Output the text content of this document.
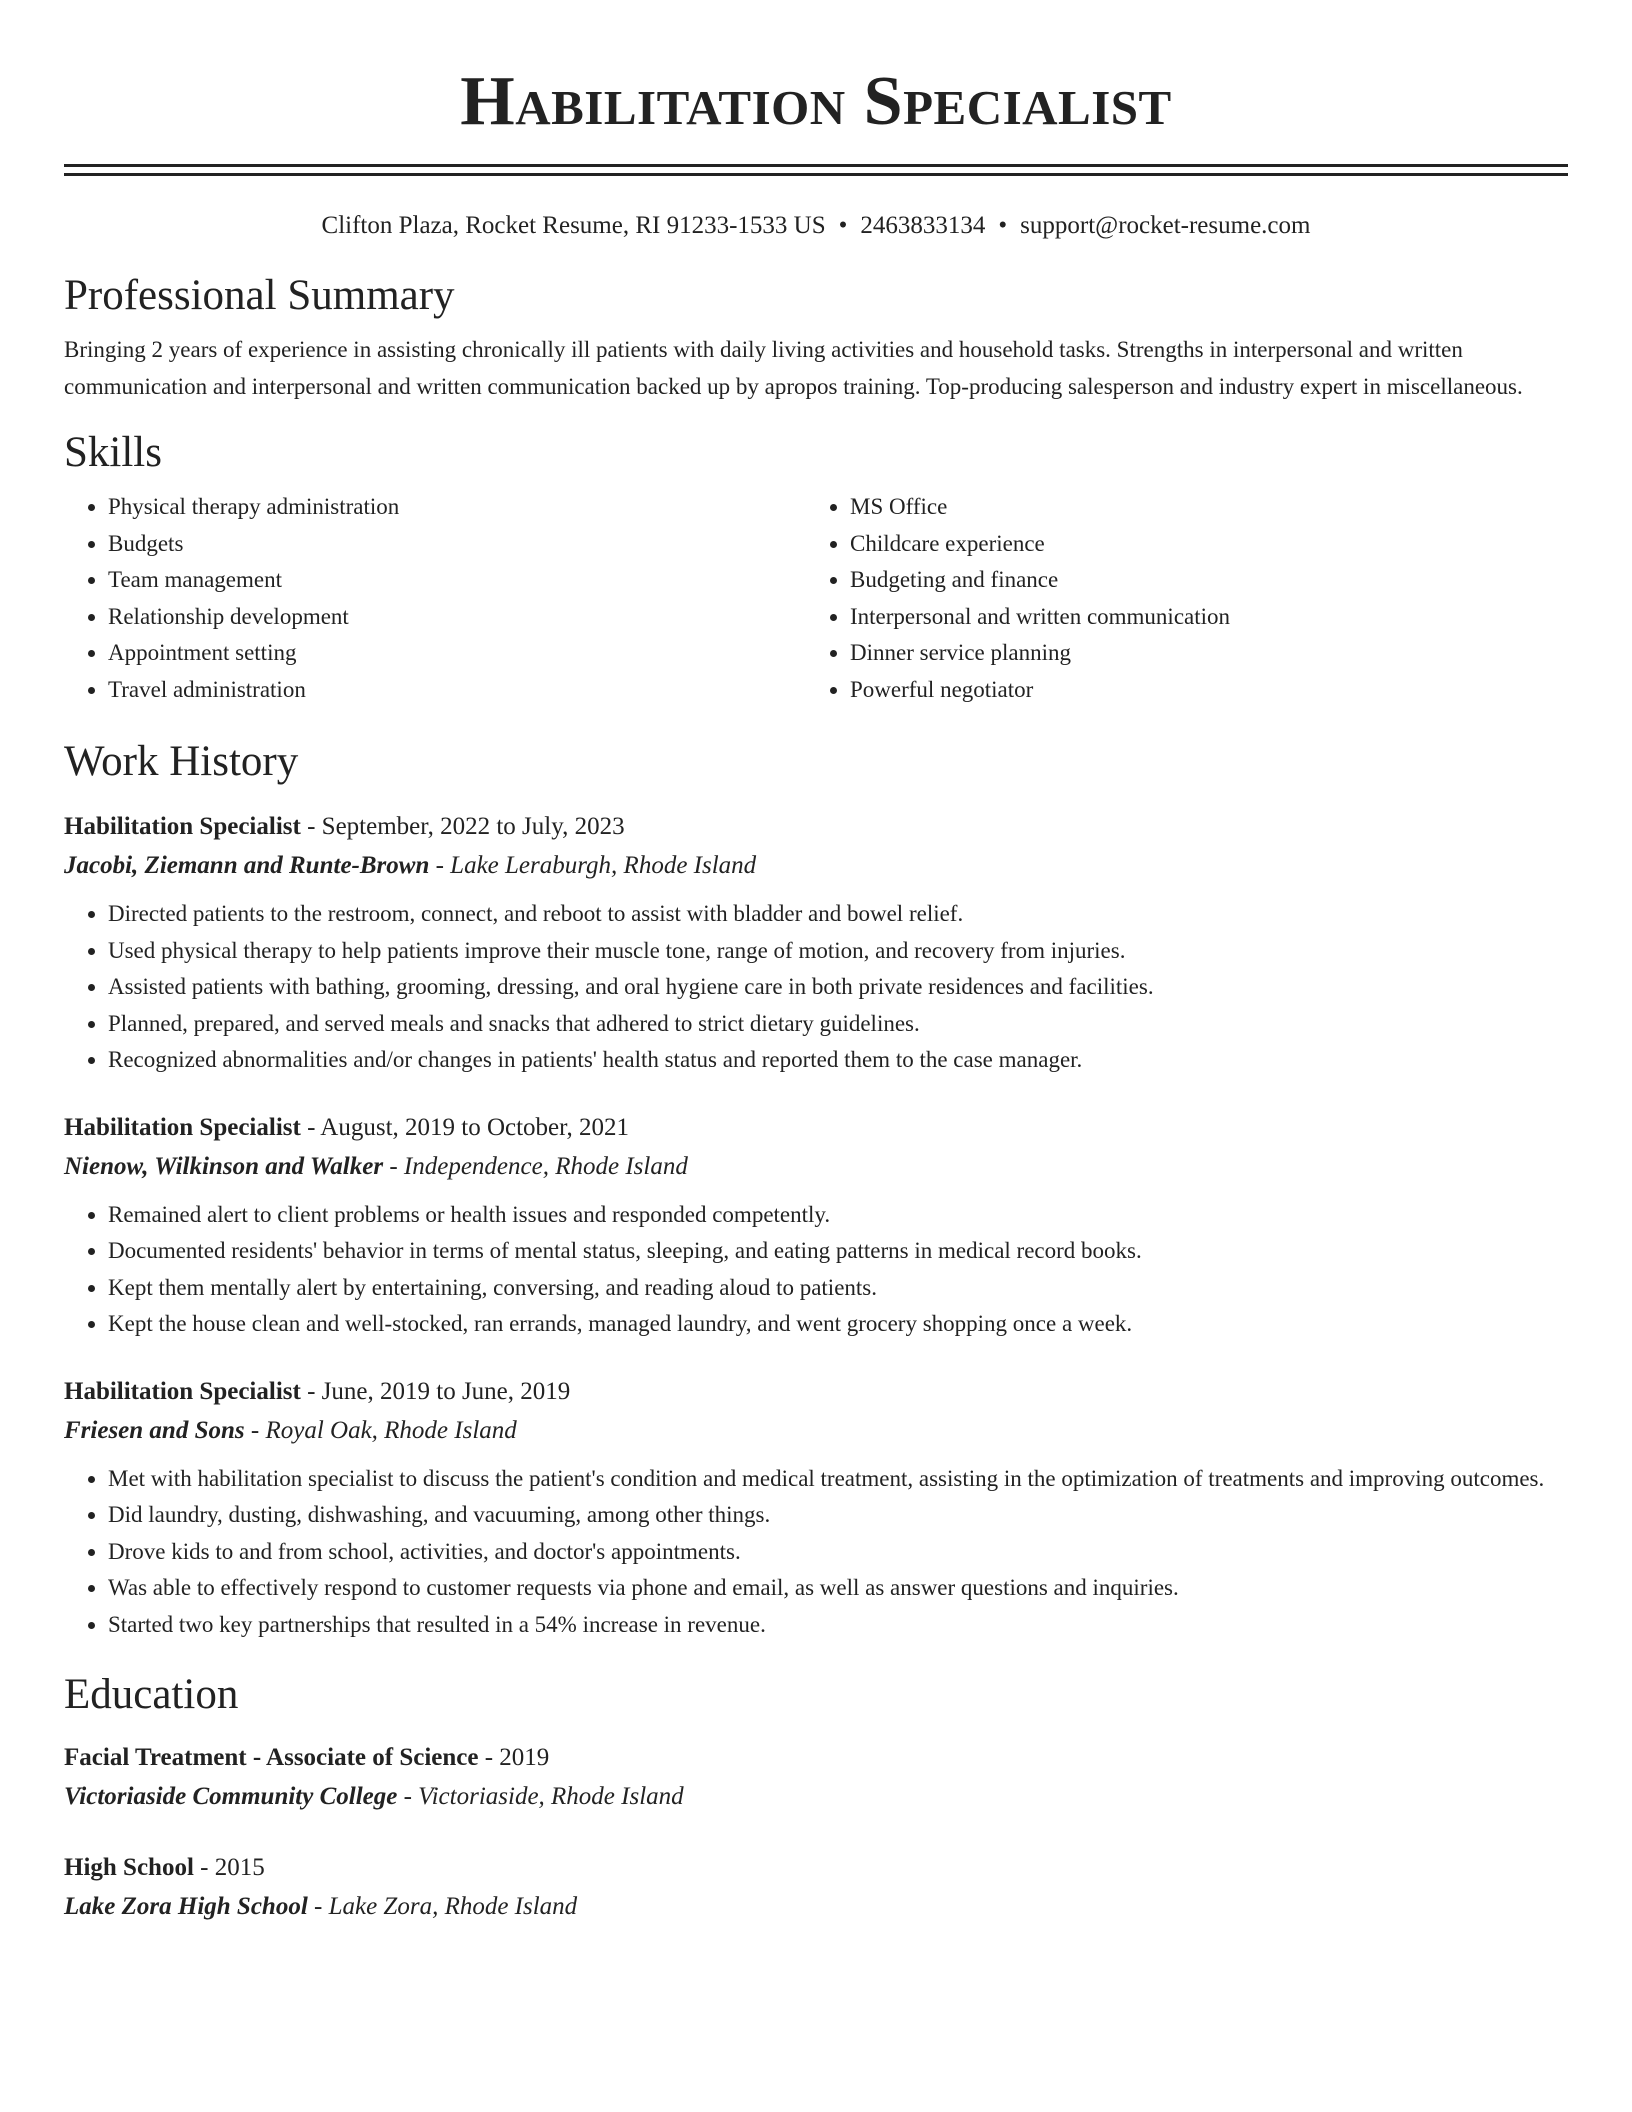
Habilitation Specialist
Clifton Plaza, Rocket Resume, RI 91233-1533 US • 2463833134 • support@rocket-resume.com
Professional Summary

Bringing 2 years of experience in assisting chronically ill patients with daily living activities and household tasks. Strengths in interpersonal and written communication and interpersonal and written communication backed up by apropos training. Top-producing salesperson and industry expert in miscellaneous.

Skills
• Physical therapy administration
• Budgets
• Team management
• Relationship development
• Appointment setting
• Travel administration
• MS Office
• Childcare experience
• Budgeting and finance
• Interpersonal and written communication
• Dinner service planning
• Powerful negotiator
Work History
Habilitation Specialist - September, 2022 to July, 2023
Jacobi, Ziemann and Runte-Brown - Lake Leraburgh, Rhode Island
• Directed patients to the restroom, connect, and reboot to assist with bladder and bowel relief.
• Used physical therapy to help patients improve their muscle tone, range of motion, and recovery from injuries.
• Assisted patients with bathing, grooming, dressing, and oral hygiene care in both private residences and facilities.
• Planned, prepared, and served meals and snacks that adhered to strict dietary guidelines.
• Recognized abnormalities and/or changes in patients' health status and reported them to the case manager.
Habilitation Specialist - August, 2019 to October, 2021
Nienow, Wilkinson and Walker - Independence, Rhode Island
• Remained alert to client problems or health issues and responded competently.
• Documented residents' behavior in terms of mental status, sleeping, and eating patterns in medical record books.
• Kept them mentally alert by entertaining, conversing, and reading aloud to patients.
• Kept the house clean and well-stocked, ran errands, managed laundry, and went grocery shopping once a week.
Habilitation Specialist - June, 2019 to June, 2019
Friesen and Sons - Royal Oak, Rhode Island
• Met with habilitation specialist to discuss the patient's condition and medical treatment, assisting in the optimization of treatments and improving outcomes.
• Did laundry, dusting, dishwashing, and vacuuming, among other things.
• Drove kids to and from school, activities, and doctor's appointments.
• Was able to effectively respond to customer requests via phone and email, as well as answer questions and inquiries.
• Started two key partnerships that resulted in a 54% increase in revenue.
Education
Facial Treatment - Associate of Science - 2019
Victoriaside Community College - Victoriaside, Rhode Island
High School - 2015
Lake Zora High School - Lake Zora, Rhode Island
